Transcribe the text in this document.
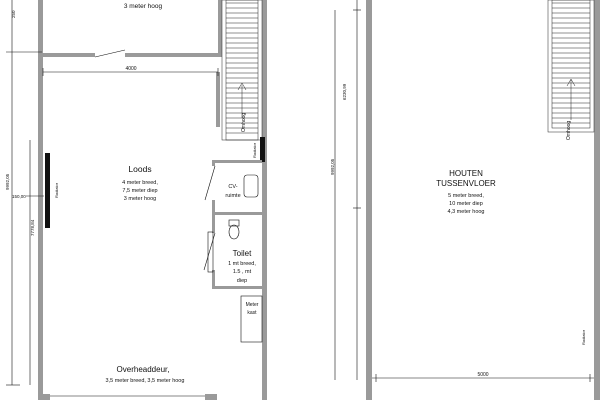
Omhoog
Radiator
Radiator
4000
250
9992,05
150,00
7778,84
3 meter hoog
Loods
4 meter breed,
7,5 meter diep
3 meter hoog
CV-
ruimte
Toilet
1 mt breed,
1.5 , mt
diep
Meter
kast
Overheaddeur,
3,5 meter breed, 3,5 meter hoog
Omhoog
6230,99
9992,05
5000
Radiator
HOUTEN
TUSSENVLOER
5 meter breed,
10 meter diep
4,3 meter hoog
